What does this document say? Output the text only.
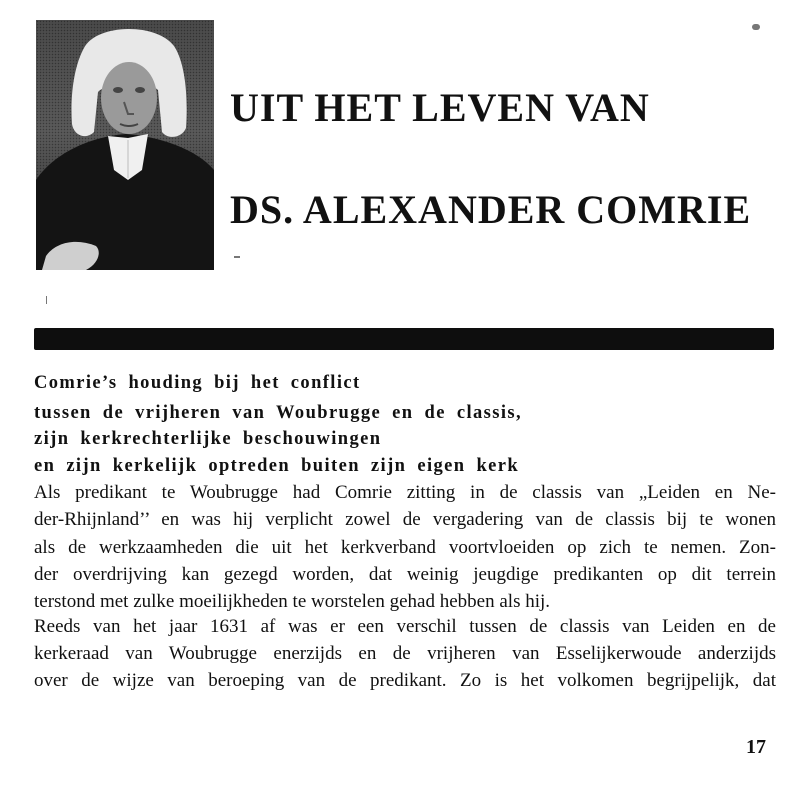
UIT HET LEVEN VAN
DS. ALEXANDER COMRIE
Comrie’s houding bij het conflict
tussen de vrijheren van Woubrugge en de classis,
zijn kerkrechterlijke beschouwingen
en zijn kerkelijk optreden buiten zijn eigen kerk
Als predikant te Woubrugge had Comrie zitting in de classis van „Leiden en Ne-
der-Rhijnland’’ en was hij verplicht zowel de vergadering van de classis bij te wonen
als de werkzaamheden die uit het kerkverband voortvloeiden op zich te nemen. Zon-
der overdrijving kan gezegd worden, dat weinig jeugdige predikanten op dit terrein
terstond met zulke moeilijkheden te worstelen gehad hebben als hij.
Reeds van het jaar 1631 af was er een verschil tussen de classis van Leiden en de
kerkeraad van Woubrugge enerzijds en de vrijheren van Esselijkerwoude anderzijds
over de wijze van beroeping van de predikant. Zo is het volkomen begrijpelijk, dat
17
